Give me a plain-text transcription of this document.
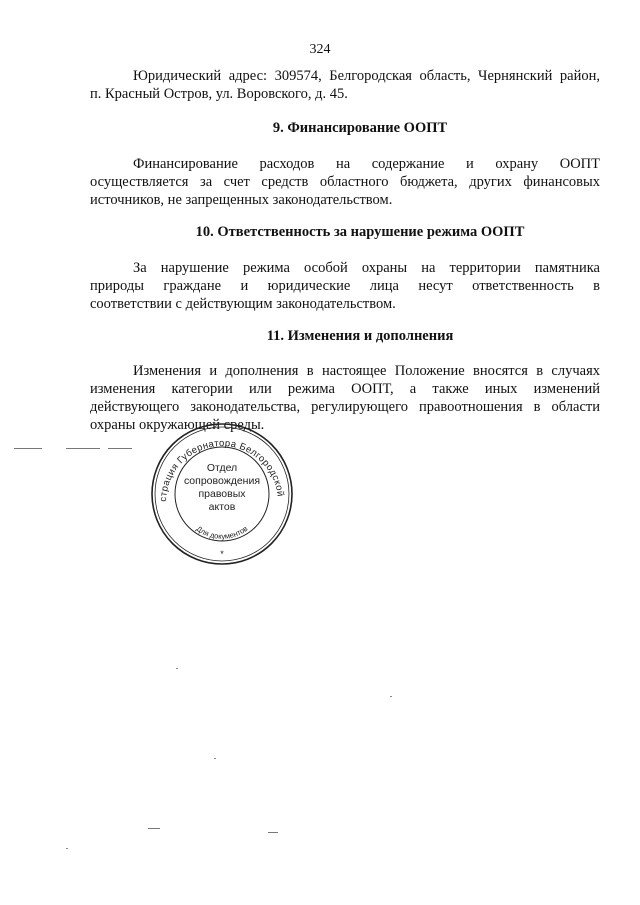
324
Юридический адрес: 309574, Белгородская область, Чернянский район,
п. Красный Остров, ул. Воровского, д. 45.
9. Финансирование ООПТ
Финансирование расходов на содержание и охрану ООПТ
осуществляется за счет средств областного бюджета, других финансовых
источников, не запрещенных законодательством.
10. Ответственность за нарушение режима ООПТ
За нарушение режима особой охраны на территории памятника
природы граждане и юридические лица несут ответственность в
соответствии с действующим законодательством.
11. Изменения и дополнения
Изменения и дополнения в настоящее Положение вносятся в случаях
изменения категории или режима ООПТ, а также иных изменений
действующего законодательства, регулирующего правоотношения в области
охраны окружающей среды.
страция Губернатора Белгородской
Для документов
Отдел
сопровождения
правовых
актов
*
